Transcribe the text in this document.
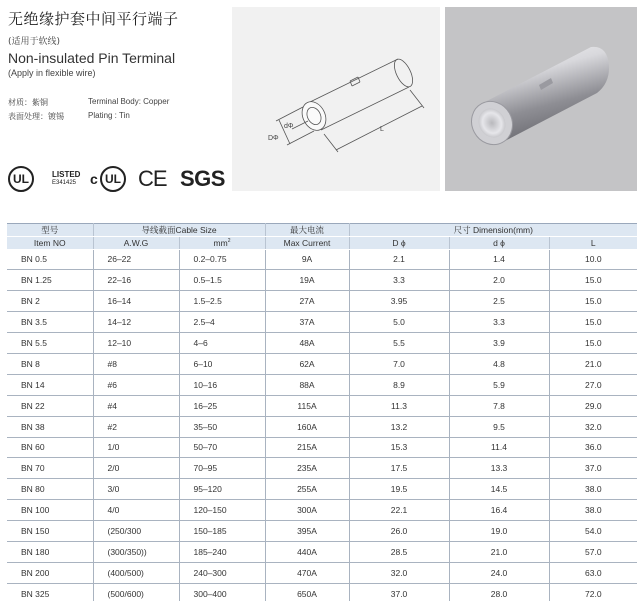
无绝缘护套中间平行端子
(适用于软线)
Non-insulated Pin Terminal
(Apply in flexible wire)
材质：紫铜	Terminal Body: Copper
表面处理：镀锡	Plating : Tin
UL	LISTED
E341425 c UL CE SGS
DΦ
dΦ	L
型号	导线截面Cable Size		最大电流	尺寸 Dimension(mm)		
Item NO	A.W.G	$mm^2$	Max Current	D ϕ	d ϕ	L
BN 0.5	26–22	0.2–0.75	9A	2.1	1.4	10.0
BN 1.25	22–16	0.5–1.5	19A	3.3	2.0	15.0
BN 2	16–14	1.5–2.5	27A	3.95	2.5	15.0
BN 3.5	14–12	2.5–4	37A	5.0	3.3	15.0
BN 5.5	12–10	4–6	48A	5.5	3.9	15.0
BN 8	#8	6–10	62A	7.0	4.8	21.0
BN 14	#6	10–16	88A	8.9	5.9	27.0
BN 22	#4	16–25	115A	11.3	7.8	29.0
BN 38	#2	35–50	160A	13.2	9.5	32.0
BN 60	1/0	50–70	215A	15.3	11.4	36.0
BN 70	2/0	70–95	235A	17.5	13.3	37.0
BN 80	3/0	95–120	255A	19.5	14.5	38.0
BN 100	4/0	120–150	300A	22.1	16.4	38.0
BN 150	(250/300	150–185	395A	26.0	19.0	54.0
BN 180	(300/350))	185–240	440A	28.5	21.0	57.0
BN 200	(400/500)	240–300	470A	32.0	24.0	63.0
BN 325	(500/600)	300–400	650A	37.0	28.0	72.0
